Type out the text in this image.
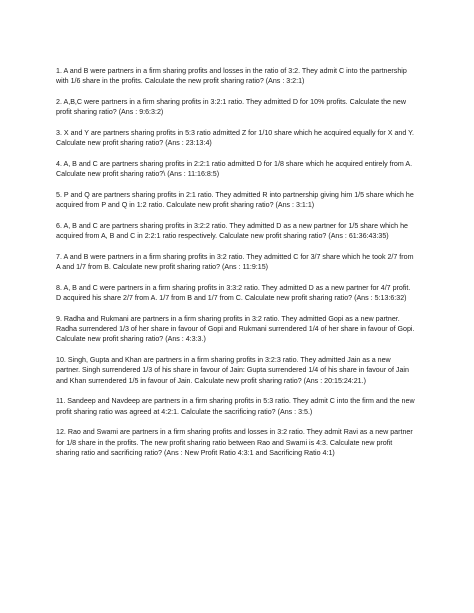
1. A and B were partners in a firm sharing profits and losses in the ratio of 3:2. They admit C into the partnership with 1/6 share in the profits. Calculate the new profit sharing ratio? (Ans : 3:2:1)

2. A,B,C were partners in a firm sharing profits in 3:2:1 ratio. They admitted D for 10% profits. Calculate the new profit sharing ratio? (Ans : 9:6:3:2)

3. X and Y are partners sharing profits in 5:3 ratio admitted Z for 1/10 share which he acquired equally for X and Y. Calculate new profit sharing ratio? (Ans : 23:13:4)

4. A, B and C are partners sharing profits in 2:2:1 ratio admitted D for 1/8 share which he acquired entirely from A. Calculate new profit sharing ratio?\ (Ans : 11:16:8:5)

5. P and Q are partners sharing profits in 2:1 ratio. They admitted R into partnership giving him 1/5 share which he acquired from P and Q in 1:2 ratio. Calculate new profit sharing ratio? (Ans : 3:1:1)

6. A, B and C are partners sharing profits in 3:2:2 ratio. They admitted D as a new partner for 1/5 share which he acquired from A, B and C in 2:2:1 ratio respectively. Calculate new profit sharing ratio? (Ans : 61:36:43:35)

7. A and B were partners in a firm sharing profits in 3:2 ratio. They admitted C for 3/7 share which he took 2/7 from A and 1/7 from B. Calculate new profit sharing ratio? (Ans : 11:9:15)

8. A, B and C were partners in a firm sharing profits in 3:3:2 ratio. They admitted D as a new partner for 4/7 profit. D acquired his share 2/7 from A. 1/7 from B and 1/7 from C. Calculate new profit sharing ratio? (Ans : 5:13:6:32)

9. Radha and Rukmani are partners in a firm sharing profits in 3:2 ratio. They admitted Gopi as a new partner. Radha surrendered 1/3 of her share in favour of Gopi and Rukmani surrendered 1/4 of her share in favour of Gopi. Calculate new profit sharing ratio? (Ans : 4:3:3.)

10. Singh, Gupta and Khan are partners in a firm sharing profits in 3:2:3 ratio. They admitted Jain as a new partner. Singh surrendered 1/3 of his share in favour of Jain: Gupta surrendered 1/4 of his share in favour of Jain and Khan surrendered 1/5 in favour of Jain. Calculate new profit sharing ratio? (Ans : 20:15:24:21.)

11. Sandeep and Navdeep are partners in a firm sharing profits in 5:3 ratio. They admit C into the firm and the new profit sharing ratio was agreed at 4:2:1. Calculate the sacrificing ratio? (Ans : 3:5.)

12. Rao and Swami are partners in a firm sharing profits and losses in 3:2 ratio. They admit Ravi as a new partner for 1/8 share in the profits. The new profit sharing ratio between Rao and Swami is 4:3. Calculate new profit sharing ratio and sacrificing ratio? (Ans : New Profit Ratio 4:3:1 and Sacrificing Ratio 4:1)
